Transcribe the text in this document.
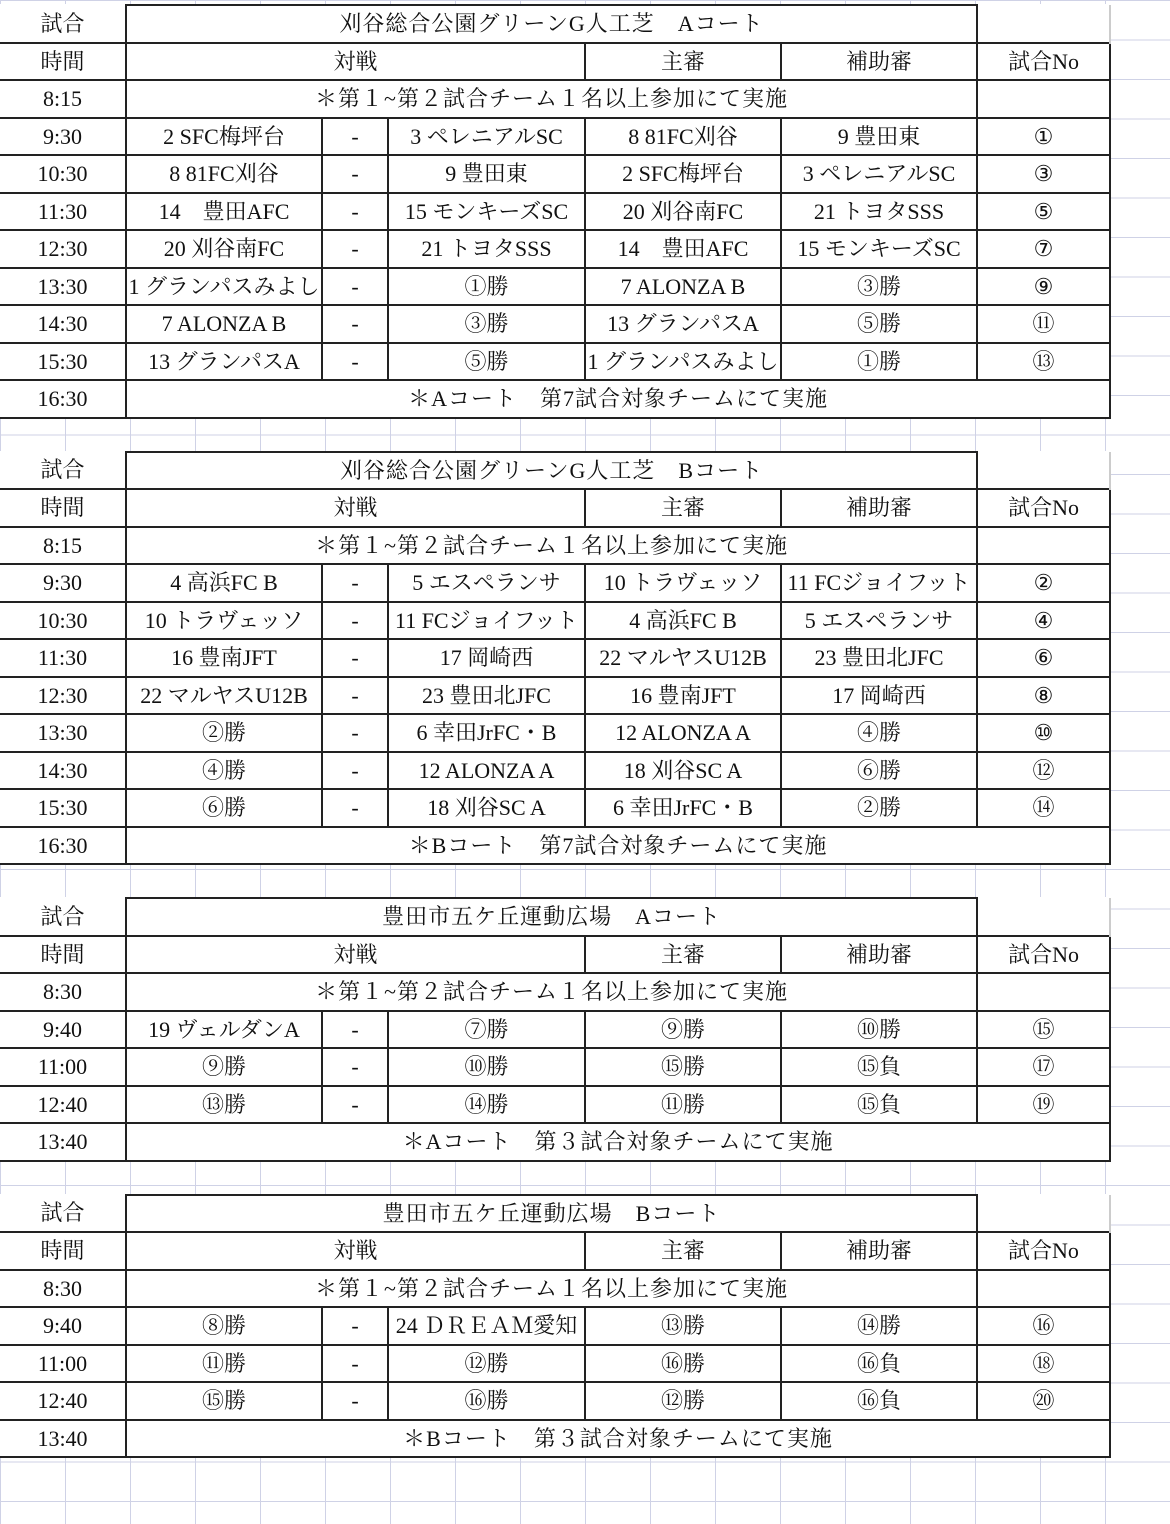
試合	刈谷総合公園グリーンG人工芝　Aコート					
時間	対戦			主審	補助審	試合No
8:15	＊第１~第２試合チーム１名以上参加にて実施					
9:30	2 SFC梅坪台	-	3 ペレニアルSC	8 81FC刈谷	9 豊田東	①
10:30	8 81FC刈谷	-	9 豊田東	2 SFC梅坪台	3 ペレニアルSC	③
11:30	14　豊田AFC	-	15 モンキーズSC	20 刈谷南FC	21 トヨタSSS	⑤
12:30	20 刈谷南FC	-	21 トヨタSSS	14　豊田AFC	15 モンキーズSC	⑦
13:30	1 グランパスみよし	-	①勝	7 ALONZA B	③勝	⑨
14:30	7 ALONZA B	-	③勝	13 グランパスA	⑤勝	⑪
15:30	13 グランパスA	-	⑤勝	1 グランパスみよし	①勝	⑬
16:30	＊Aコート　第7試合対象チームにて実施					
試合	刈谷総合公園グリーンG人工芝　Bコート					
時間	対戦			主審	補助審	試合No
8:15	＊第１~第２試合チーム１名以上参加にて実施					
9:30	4 高浜FC B	-	5 エスペランサ	10 トラヴェッソ	11 FCジョイフット	②
10:30	10 トラヴェッソ	-	11 FCジョイフット	4 高浜FC B	5 エスペランサ	④
11:30	16 豊南JFT	-	17 岡崎西	22 マルヤスU12B	23 豊田北JFC	⑥
12:30	22 マルヤスU12B	-	23 豊田北JFC	16 豊南JFT	17 岡崎西	⑧
13:30	②勝	-	6 幸田JrFC・B	12 ALONZA A	④勝	⑩
14:30	④勝	-	12 ALONZA A	18 刈谷SC A	⑥勝	⑫
15:30	⑥勝	-	18 刈谷SC A	6 幸田JrFC・B	②勝	⑭
16:30	＊Bコート　第7試合対象チームにて実施					
試合	豊田市五ケ丘運動広場　Aコート					
時間	対戦			主審	補助審	試合No
8:30	＊第１~第２試合チーム１名以上参加にて実施					
9:40	19 ヴェルダンA	-	⑦勝	⑨勝	⑩勝	⑮
11:00	⑨勝	-	⑩勝	⑮勝	⑮負	⑰
12:40	⑬勝	-	⑭勝	⑪勝	⑮負	⑲
13:40	＊Aコート　第３試合対象チームにて実施					
試合	豊田市五ケ丘運動広場　Bコート					
時間	対戦			主審	補助審	試合No
8:30	＊第１~第２試合チーム１名以上参加にて実施					
9:40	⑧勝	-	24 ＤＲＥＡＭ愛知	⑬勝	⑭勝	⑯
11:00	⑪勝	-	⑫勝	⑯勝	⑯負	⑱
12:40	⑮勝	-	⑯勝	⑫勝	⑯負	⑳
13:40	＊Bコート　第３試合対象チームにて実施					
